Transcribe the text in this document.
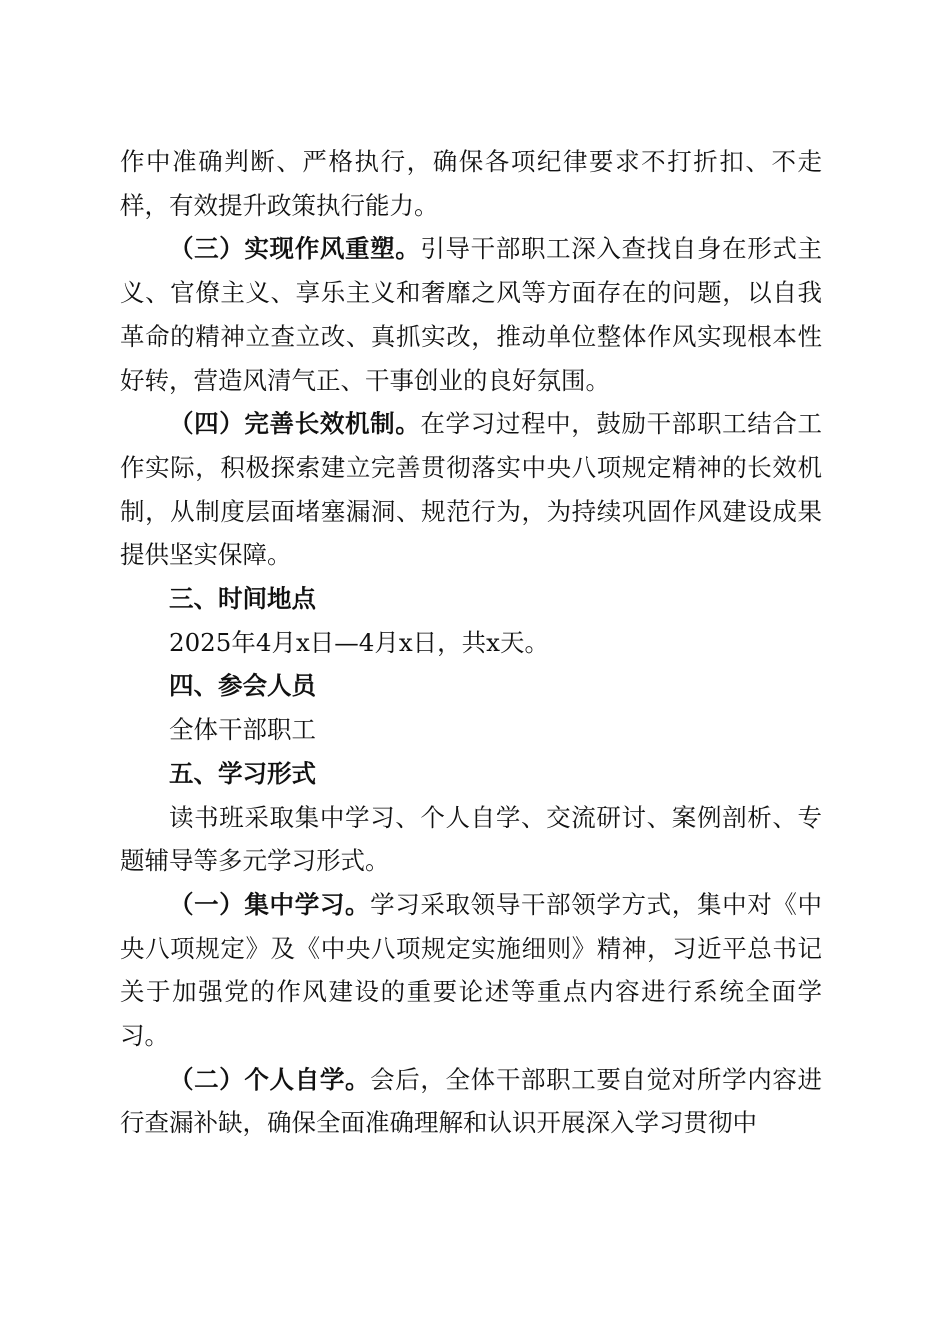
作中准确判断、严格执行，确保各项纪律要求不打折扣、不走样，有效提升政策执行能力。

（三）实现作风重塑。引导干部职工深入查找自身在形式主义、官僚主义、享乐主义和奢靡之风等方面存在的问题，以自我革命的精神立查立改、真抓实改，推动单位整体作风实现根本性好转，营造风清气正、干事创业的良好氛围。

（四）完善长效机制。在学习过程中，鼓励干部职工结合工作实际，积极探索建立完善贯彻落实中央八项规定精神的长效机制，从制度层面堵塞漏洞、规范行为，为持续巩固作风建设成果提供坚实保障。

三、时间地点

2025年4月x日—4月x日，共x天。

四、参会人员

全体干部职工

五、学习形式

读书班采取集中学习、个人自学、交流研讨、案例剖析、专题辅导等多元学习形式。

（一）集中学习。学习采取领导干部领学方式，集中对《中央八项规定》及《中央八项规定实施细则》精神，习近平总书记关于加强党的作风建设的重要论述等重点内容进行系统全面学习。

（二）个人自学。会后，全体干部职工要自觉对所学内容进行查漏补缺，确保全面准确理解和认识开展深入学习贯彻中
